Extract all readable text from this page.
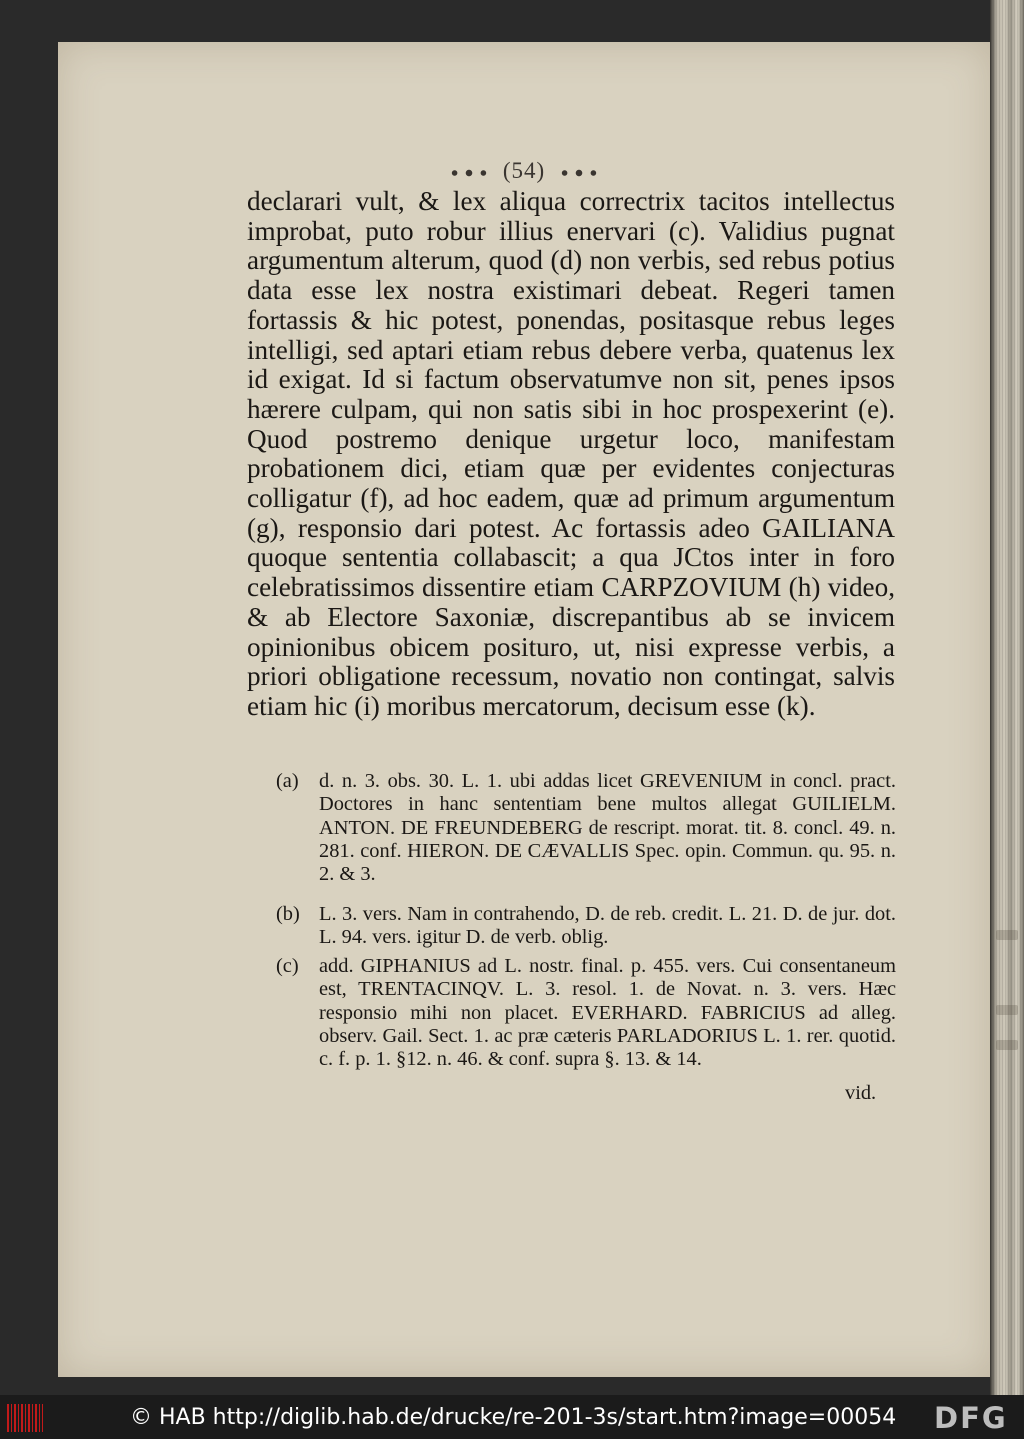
(54)

declarari vult, & lex aliqua correctrix tacitos intellectus improbat, puto robur illius enervari (c). Validius pugnat argumentum alterum, quod (d) non verbis, sed rebus potius data esse lex nostra existimari debeat. Regeri tamen fortassis & hic potest, ponendas, positasque rebus leges intelligi, sed aptari etiam rebus debere verba, quatenus lex id exigat. Id si factum observatumve non sit, penes ipsos hærere culpam, qui non satis sibi in hoc prospexerint (e). Quod postremo denique urgetur loco, manifestam probationem dici, etiam quæ per evidentes conjecturas colligatur (f), ad hoc eadem, quæ ad primum argumentum (g), responsio dari potest. Ac fortassis adeo GAILIANA quoque sententia collabascit; a qua JCtos inter in foro celebratissimos dissentire etiam CARPZOVIUM (h) video, & ab Electore Saxoniæ, discrepantibus ab se invicem opinionibus obicem posituro, ut, nisi expresse verbis, a priori obligatione recessum, novatio non contingat, salvis etiam hic (i) moribus mercatorum, decisum esse (k).

(a) d. n. 3. obs. 30. L. 1. ubi addas licet GREVENIUM in concl. pract. Doctores in hanc sententiam bene multos allegat GUILIELM. ANTON. DE FREUNDEBERG de rescript. morat. tit. 8. concl. 49. n. 281. conf. HIERON. DE CÆVALLIS Spec. opin. Commun. qu. 95. n. 2. & 3.
(b) L. 3. vers. Nam in contrahendo, D. de reb. credit. L. 21. D. de jur. dot. L. 94. vers. igitur D. de verb. oblig.
(c) add. GIPHANIUS ad L. nostr. final. p. 455. vers. Cui consentaneum est, TRENTACINQV. L. 3. resol. 1. de Novat. n. 3. vers. Hæc responsio mihi non placet. EVERHARD. FABRICIUS ad alleg. observ. Gail. Sect. 1. ac præ cæteris PARLADORIUS L. 1. rer. quotid. c. f. p. 1. §12. n. 46. & conf. supra §. 13. & 14.
vid.
© HAB http://diglib.hab.de/drucke/re-201-3s/start.htm?image=00054 DFG
